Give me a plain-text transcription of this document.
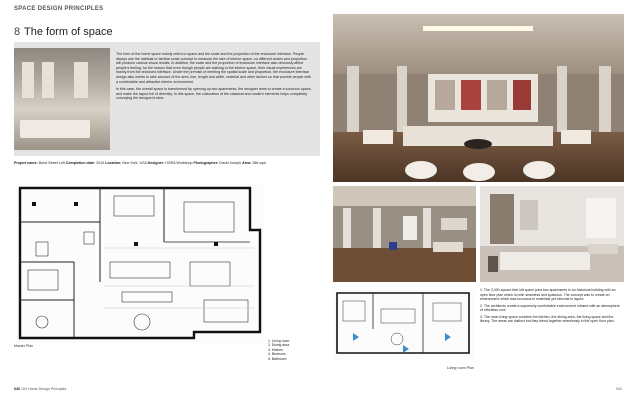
SPACE DESIGN PRINCIPLES
8 The form of space

The form of the home space mainly refers to space and the scale and the proportion of the enclosure interface. People always use the habitual or familiar scale concept to measure the size of interior space, so different scales and proportion will produce various visual results. In addition, the scale and the proportion of enclosure interface also obviously affect people's feeling, for the reason that even though people are walking in the interior space, their visual experiences are mainly from the enclosed interface. Under the premise of meeting the spatial scale and proportion, the enclosure interface design also needs to take account of the area, line, length and width, material and other factors so that provide people with a comfortable and attractive interior environment.

In this case, the overall space is transformed by opening up two apartments, the designer aims to create a luxurious space, and make the layout full of diversity. In this space, the collocation of the classical and modern elements helps completely conveying the designer's idea.

Project name: Bond Street Loft Completion date: 2010 Location: New York, USA Designer: HGRA Workshop Photographer: David Joseph Area: 288 sqm
1. Living room
2. Dining area
3. Kitchen
4. Bedroom
5. Bathroom
Master Plan
040 100 Home Design Principles
Living room Plan

1. The 3,400 square feet loft space joins two apartments in an historical building with an open floor plan which is both seamless and spacious. The concept was to create an environment which was luxurious in materials yet informal in layout.

2. The architects create a supremely comfortable environment infused with an atmosphere of effortless cool.

3. The main living space contains the kitchen, the dining area, the living space and the library. The areas are distinct but they blend together seamlessly in the open floor plan.

041
